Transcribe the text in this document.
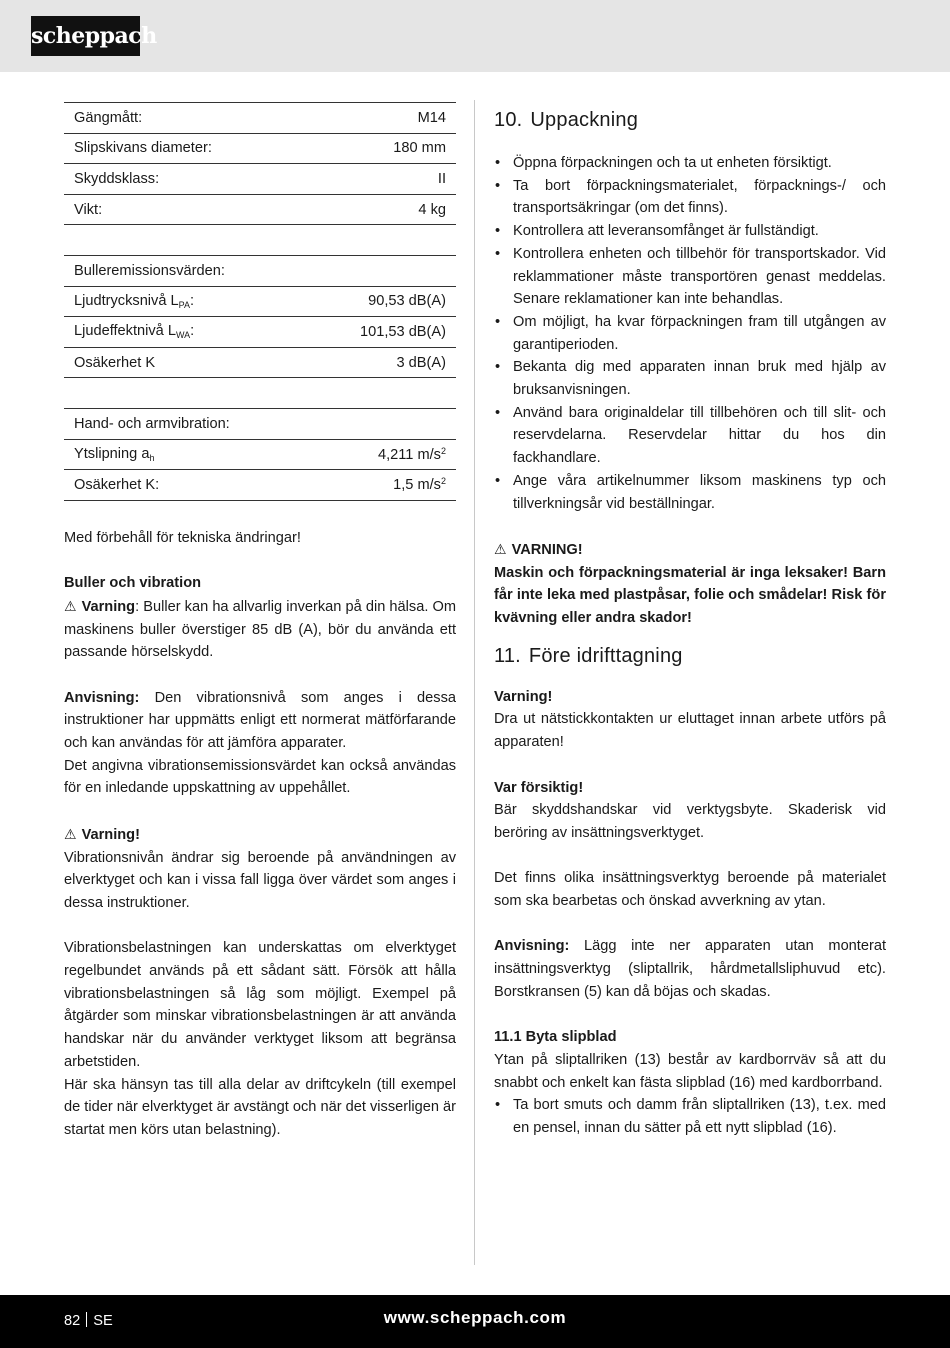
scheppach
Gängmått:	M14
Slipskivans diameter:	180 mm
Skyddsklass:	II
Vikt:	4 kg

Bulleremissionsvärden:	
Ljudtrycksnivå $L_{PA}$:	90,53 dB(A)
Ljudeffektnivå $L_{WA}$:	101,53 dB(A)
Osäkerhet K	3 dB(A)

Hand- och armvibration:	
Ytslipning $a_h$	4,211 $m/s^2$
Osäkerhet K:	1,5 $m/s^2$

Med förbehåll för tekniska ändringar!

Buller och vibration

⚠ Varning: Buller kan ha allvarlig inverkan på din hälsa. Om maskinens buller överstiger 85 dB (A), bör du använda ett passande hörselskydd.

Anvisning: Den vibrationsnivå som anges i dessa instruktioner har uppmätts enligt ett normerat mätförfarande och kan användas för att jämföra apparater.

Det angivna vibrationsemissionsvärdet kan också användas för en inledande uppskattning av uppehållet.

⚠ Varning!

Vibrationsnivån ändrar sig beroende på användningen av elverktyget och kan i vissa fall ligga över värdet som anges i dessa instruktioner.

Vibrationsbelastningen kan underskattas om elverktyget regelbundet används på ett sådant sätt. Försök att hålla vibrationsbelastningen så låg som möjligt. Exempel på åtgärder som minskar vibrationsbelastningen är att använda handskar när du använder verktyget liksom att begränsa arbetstiden.

Här ska hänsyn tas till alla delar av driftcykeln (till exempel de tider när elverktyget är avstängt och när det visserligen är startat men körs utan belastning).

10. Uppackning
• Öppna förpackningen och ta ut enheten försiktigt.
• Ta bort förpackningsmaterialet, förpacknings-/ och transportsäkringar (om det finns).
• Kontrollera att leveransomfånget är fullständigt.
• Kontrollera enheten och tillbehör för transportskador. Vid reklammationer måste transportören genast meddelas. Senare reklamationer kan inte behandlas.
• Om möjligt, ha kvar förpackningen fram till utgången av garantiperioden.
• Bekanta dig med apparaten innan bruk med hjälp av bruksanvisningen.
• Använd bara originaldelar till tillbehören och till slit- och reservdelarna. Reservdelar hittar du hos din fackhandlare.
• Ange våra artikelnummer liksom maskinens typ och tillverkningsår vid beställningar.

⚠ VARNING!

Maskin och förpackningsmaterial är inga leksaker! Barn får inte leka med plastpåsar, folie och smådelar! Risk för kvävning eller andra skador!

11. Före idrifttagning

Varning!

Dra ut nätstickkontakten ur eluttaget innan arbete utförs på apparaten!

Var försiktig!

Bär skyddshandskar vid verktygsbyte. Skaderisk vid beröring av insättningsverktyget.

Det finns olika insättningsverktyg beroende på materialet som ska bearbetas och önskad avverkning av ytan.

Anvisning: Lägg inte ner apparaten utan monterat insättningsverktyg (sliptallrik, hårdmetallsliphuvud etc). Borstkransen (5) kan då böjas och skadas.

11.1 Byta slipblad

Ytan på sliptallriken (13) består av kardborrväv så att du snabbt och enkelt kan fästa slipblad (16) med kardborrband.

• Ta bort smuts och damm från sliptallriken (13), t.ex. med en pensel, innan du sätter på ett nytt slipblad (16).
82 SE	www.scheppach.com
